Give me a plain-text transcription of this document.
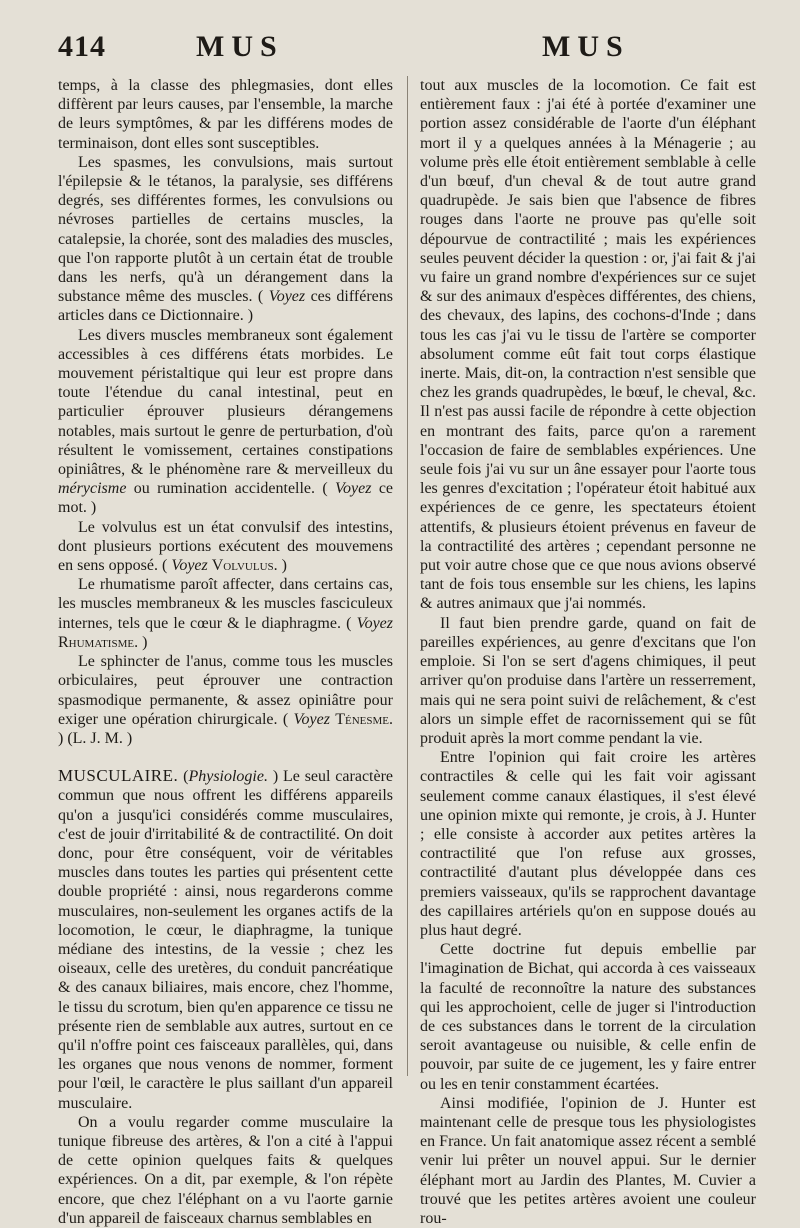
414	MUS	MUS

temps, à la classe des phlegmasies, dont elles diffèrent par leurs causes, par l'ensemble, la marche de leurs symptômes, & par les différens modes de terminaison, dont elles sont susceptibles.

Les spasmes, les convulsions, mais surtout l'épilepsie & le tétanos, la paralysie, ses différens degrés, ses différentes formes, les convulsions ou névroses partielles de certains muscles, la catalepsie, la chorée, sont des maladies des muscles, que l'on rapporte plutôt à un certain état de trouble dans les nerfs, qu'à un dérangement dans la substance même des muscles. ( Voyez ces différens articles dans ce Dictionnaire. )

Les divers muscles membraneux sont également accessibles à ces différens états morbides. Le mouvement péristaltique qui leur est propre dans toute l'étendue du canal intestinal, peut en particulier éprouver plusieurs dérangemens notables, mais surtout le genre de perturbation, d'où résultent le vomissement, certaines constipations opiniâtres, & le phénomène rare & merveilleux du mérycisme ou rumination accidentelle. ( Voyez ce mot. )

Le volvulus est un état convulsif des intestins, dont plusieurs portions exécutent des mouvemens en sens opposé. ( Voyez Volvulus. )

Le rhumatisme paroît affecter, dans certains cas, les muscles membraneux & les muscles fasciculeux internes, tels que le cœur & le diaphragme. ( Voyez Rhumatisme. )

Le sphincter de l'anus, comme tous les muscles orbiculaires, peut éprouver une contraction spasmodique permanente, & assez opiniâtre pour exiger une opération chirurgicale. ( Voyez Ténesme. ) (L. J. M. )

MUSCULAIRE. (Physiologie. ) Le seul caractère commun que nous offrent les différens appareils qu'on a jusqu'ici considérés comme musculaires, c'est de jouir d'irritabilité & de contractilité. On doit donc, pour être conséquent, voir de véritables muscles dans toutes les parties qui présentent cette double propriété : ainsi, nous regarderons comme musculaires, non-seulement les organes actifs de la locomotion, le cœur, le diaphragme, la tunique médiane des intestins, de la vessie ; chez les oiseaux, celle des uretères, du conduit pancréatique & des canaux biliaires, mais encore, chez l'homme, le tissu du scrotum, bien qu'en apparence ce tissu ne présente rien de semblable aux autres, surtout en ce qu'il n'offre point ces faisceaux parallèles, qui, dans les organes que nous venons de nommer, forment pour l'œil, le caractère le plus saillant d'un appareil musculaire.

On a voulu regarder comme musculaire la tunique fibreuse des artères, & l'on a cité à l'appui de cette opinion quelques faits & quelques expériences. On a dit, par exemple, & l'on répète encore, que chez l'éléphant on a vu l'aorte garnie d'un appareil de faisceaux charnus semblables en

tout aux muscles de la locomotion. Ce fait est entièrement faux : j'ai été à portée d'examiner une portion assez considérable de l'aorte d'un éléphant mort il y a quelques années à la Ménagerie ; au volume près elle étoit entièrement semblable à celle d'un bœuf, d'un cheval & de tout autre grand quadrupède. Je sais bien que l'absence de fibres rouges dans l'aorte ne prouve pas qu'elle soit dépourvue de contractilité ; mais les expériences seules peuvent décider la question : or, j'ai fait & j'ai vu faire un grand nombre d'expériences sur ce sujet & sur des animaux d'espèces différentes, des chiens, des chevaux, des lapins, des cochons-d'Inde ; dans tous les cas j'ai vu le tissu de l'artère se comporter absolument comme eût fait tout corps élastique inerte. Mais, dit-on, la contraction n'est sensible que chez les grands quadrupèdes, le bœuf, le cheval, &c. Il n'est pas aussi facile de répondre à cette objection en montrant des faits, parce qu'on a rarement l'occasion de faire de semblables expériences. Une seule fois j'ai vu sur un âne essayer pour l'aorte tous les genres d'excitation ; l'opérateur étoit habitué aux expériences de ce genre, les spectateurs étoient attentifs, & plusieurs étoient prévenus en faveur de la contractilité des artères ; cependant personne ne put voir autre chose que ce que nous avions observé tant de fois tous ensemble sur les chiens, les lapins & autres animaux que j'ai nommés.

Il faut bien prendre garde, quand on fait de pareilles expériences, au genre d'excitans que l'on emploie. Si l'on se sert d'agens chimiques, il peut arriver qu'on produise dans l'artère un resserrement, mais qui ne sera point suivi de relâchement, & c'est alors un simple effet de racornissement qui se fût produit après la mort comme pendant la vie.

Entre l'opinion qui fait croire les artères contractiles & celle qui les fait voir agissant seulement comme canaux élastiques, il s'est élevé une opinion mixte qui remonte, je crois, à J. Hunter ; elle consiste à accorder aux petites artères la contractilité que l'on refuse aux grosses, contractilité d'autant plus développée dans ces premiers vaisseaux, qu'ils se rapprochent davantage des capillaires artériels qu'on en suppose doués au plus haut degré.

Cette doctrine fut depuis embellie par l'imagination de Bichat, qui accorda à ces vaisseaux la faculté de reconnoître la nature des substances qui les approchoient, celle de juger si l'introduction de ces substances dans le torrent de la circulation seroit avantageuse ou nuisible, & celle enfin de pouvoir, par suite de ce jugement, les y faire entrer ou les en tenir constamment écartées.

Ainsi modifiée, l'opinion de J. Hunter est maintenant celle de presque tous les physiologistes en France. Un fait anatomique assez récent a semblé venir lui prêter un nouvel appui. Sur le dernier éléphant mort au Jardin des Plantes, M. Cuvier a trouvé que les petites artères avoient une couleur rou-
